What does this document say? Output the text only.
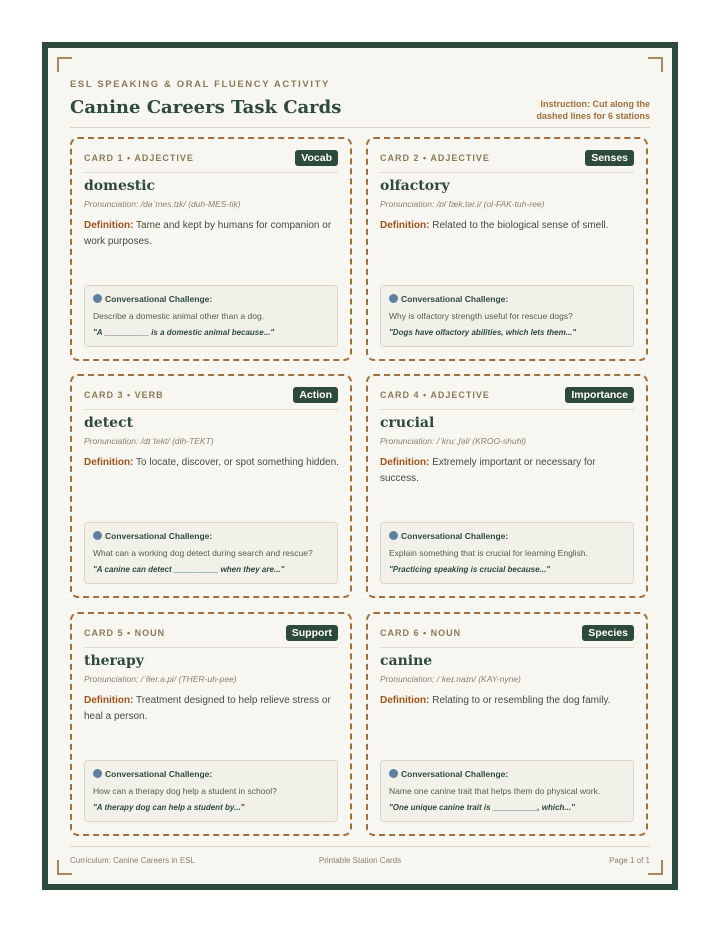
ESL SPEAKING & ORAL FLUENCY ACTIVITY
Canine Careers Task Cards	Instruction: Cut along the dashed lines for 6 stations
CARD 1 • ADJECTIVE	Vocab
domestic
Pronunciation: /dəˈmes.tɪk/ (duh-MES-tik)
Definition: Tame and kept by humans for companion or work purposes.
Conversational Challenge:
Describe a domestic animal other than a dog.
"A __________ is a domestic animal because..."
CARD 2 • ADJECTIVE	Senses
olfactory
Pronunciation: /ɒlˈfæk.tər.i/ (ol-FAK-tuh-ree)
Definition: Related to the biological sense of smell.
Conversational Challenge:
Why is olfactory strength useful for rescue dogs?
"Dogs have olfactory abilities, which lets them..."
CARD 3 • VERB	Action
detect
Pronunciation: /dɪˈtekt/ (dih-TEKT)
Definition: To locate, discover, or spot something hidden.
Conversational Challenge:
What can a working dog detect during search and rescue?
"A canine can detect __________ when they are..."
CARD 4 • ADJECTIVE	Importance
crucial
Pronunciation: /ˈkruː.ʃəl/ (KROO-shuhl)
Definition: Extremely important or necessary for success.
Conversational Challenge:
Explain something that is crucial for learning English.
"Practicing speaking is crucial because..."
CARD 5 • NOUN	Support
therapy
Pronunciation: /ˈθer.ə.pi/ (THER-uh-pee)
Definition: Treatment designed to help relieve stress or heal a person.
Conversational Challenge:
How can a therapy dog help a student in school?
"A therapy dog can help a student by..."
CARD 6 • NOUN	Species
canine
Pronunciation: /ˈkeɪ.naɪn/ (KAY-nyne)
Definition: Relating to or resembling the dog family.
Conversational Challenge:
Name one canine trait that helps them do physical work.
"One unique canine trait is __________, which..."
Curriculum: Canine Careers in ESL	Printable Station Cards	Page 1 of 1
